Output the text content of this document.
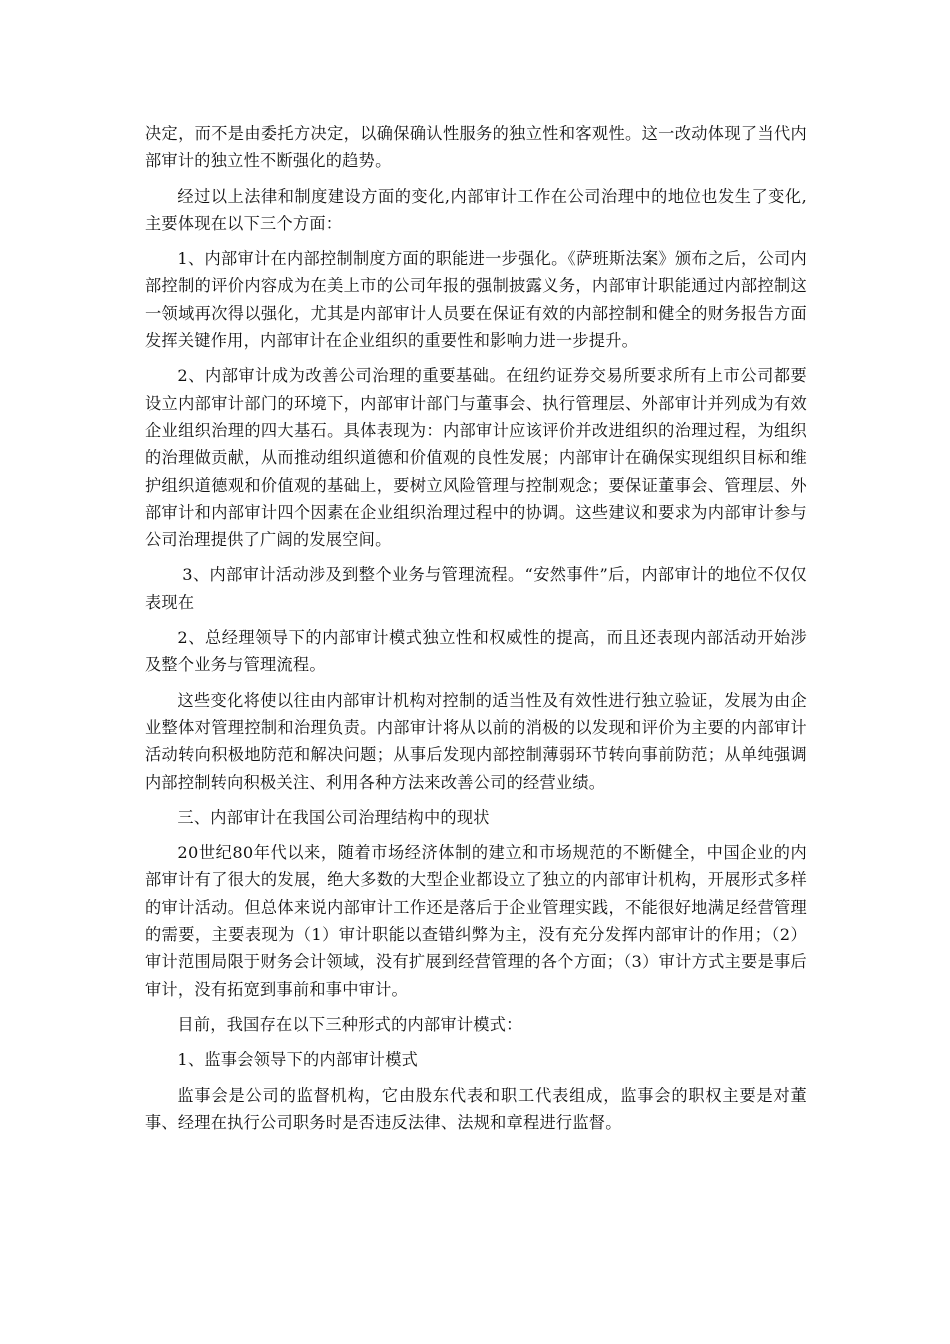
决定，而不是由委托方决定，以确保确认性服务的独立性和客观性。这一改动体现了当代内部审计的独立性不断强化的趋势。

经过以上法律和制度建设方面的变化,内部审计工作在公司治理中的地位也发生了变化,主要体现在以下三个方面：

1、内部审计在内部控制制度方面的职能进一步强化。《萨班斯法案》颁布之后，公司内部控制的评价内容成为在美上市的公司年报的强制披露义务，内部审计职能通过内部控制这一领域再次得以强化，尤其是内部审计人员要在保证有效的内部控制和健全的财务报告方面发挥关键作用，内部审计在企业组织的重要性和影响力进一步提升。

2、内部审计成为改善公司治理的重要基础。在纽约证券交易所要求所有上市公司都要设立内部审计部门的环境下，内部审计部门与董事会、执行管理层、外部审计并列成为有效企业组织治理的四大基石。具体表现为：内部审计应该评价并改进组织的治理过程，为组织的治理做贡献，从而推动组织道德和价值观的良性发展；内部审计在确保实现组织目标和维护组织道德观和价值观的基础上，要树立风险管理与控制观念；要保证董事会、管理层、外部审计和内部审计四个因素在企业组织治理过程中的协调。这些建议和要求为内部审计参与公司治理提供了广阔的发展空间。

3、内部审计活动涉及到整个业务与管理流程。“安然事件”后，内部审计的地位不仅仅表现在

2、总经理领导下的内部审计模式独立性和权威性的提高，而且还表现内部活动开始涉及整个业务与管理流程。

这些变化将使以往由内部审计机构对控制的适当性及有效性进行独立验证，发展为由企业整体对管理控制和治理负责。内部审计将从以前的消极的以发现和评价为主要的内部审计活动转向积极地防范和解决问题；从事后发现内部控制薄弱环节转向事前防范；从单纯强调内部控制转向积极关注、利用各种方法来改善公司的经营业绩。

三、内部审计在我国公司治理结构中的现状

20世纪80年代以来，随着市场经济体制的建立和市场规范的不断健全，中国企业的内部审计有了很大的发展，绝大多数的大型企业都设立了独立的内部审计机构，开展形式多样的审计活动。但总体来说内部审计工作还是落后于企业管理实践，不能很好地满足经营管理的需要，主要表现为（1）审计职能以查错纠弊为主，没有充分发挥内部审计的作用；（2）审计范围局限于财务会计领域，没有扩展到经营管理的各个方面；（3）审计方式主要是事后审计，没有拓宽到事前和事中审计。

目前，我国存在以下三种形式的内部审计模式：

1、监事会领导下的内部审计模式

监事会是公司的监督机构，它由股东代表和职工代表组成，监事会的职权主要是对董事、经理在执行公司职务时是否违反法律、法规和章程进行监督。
